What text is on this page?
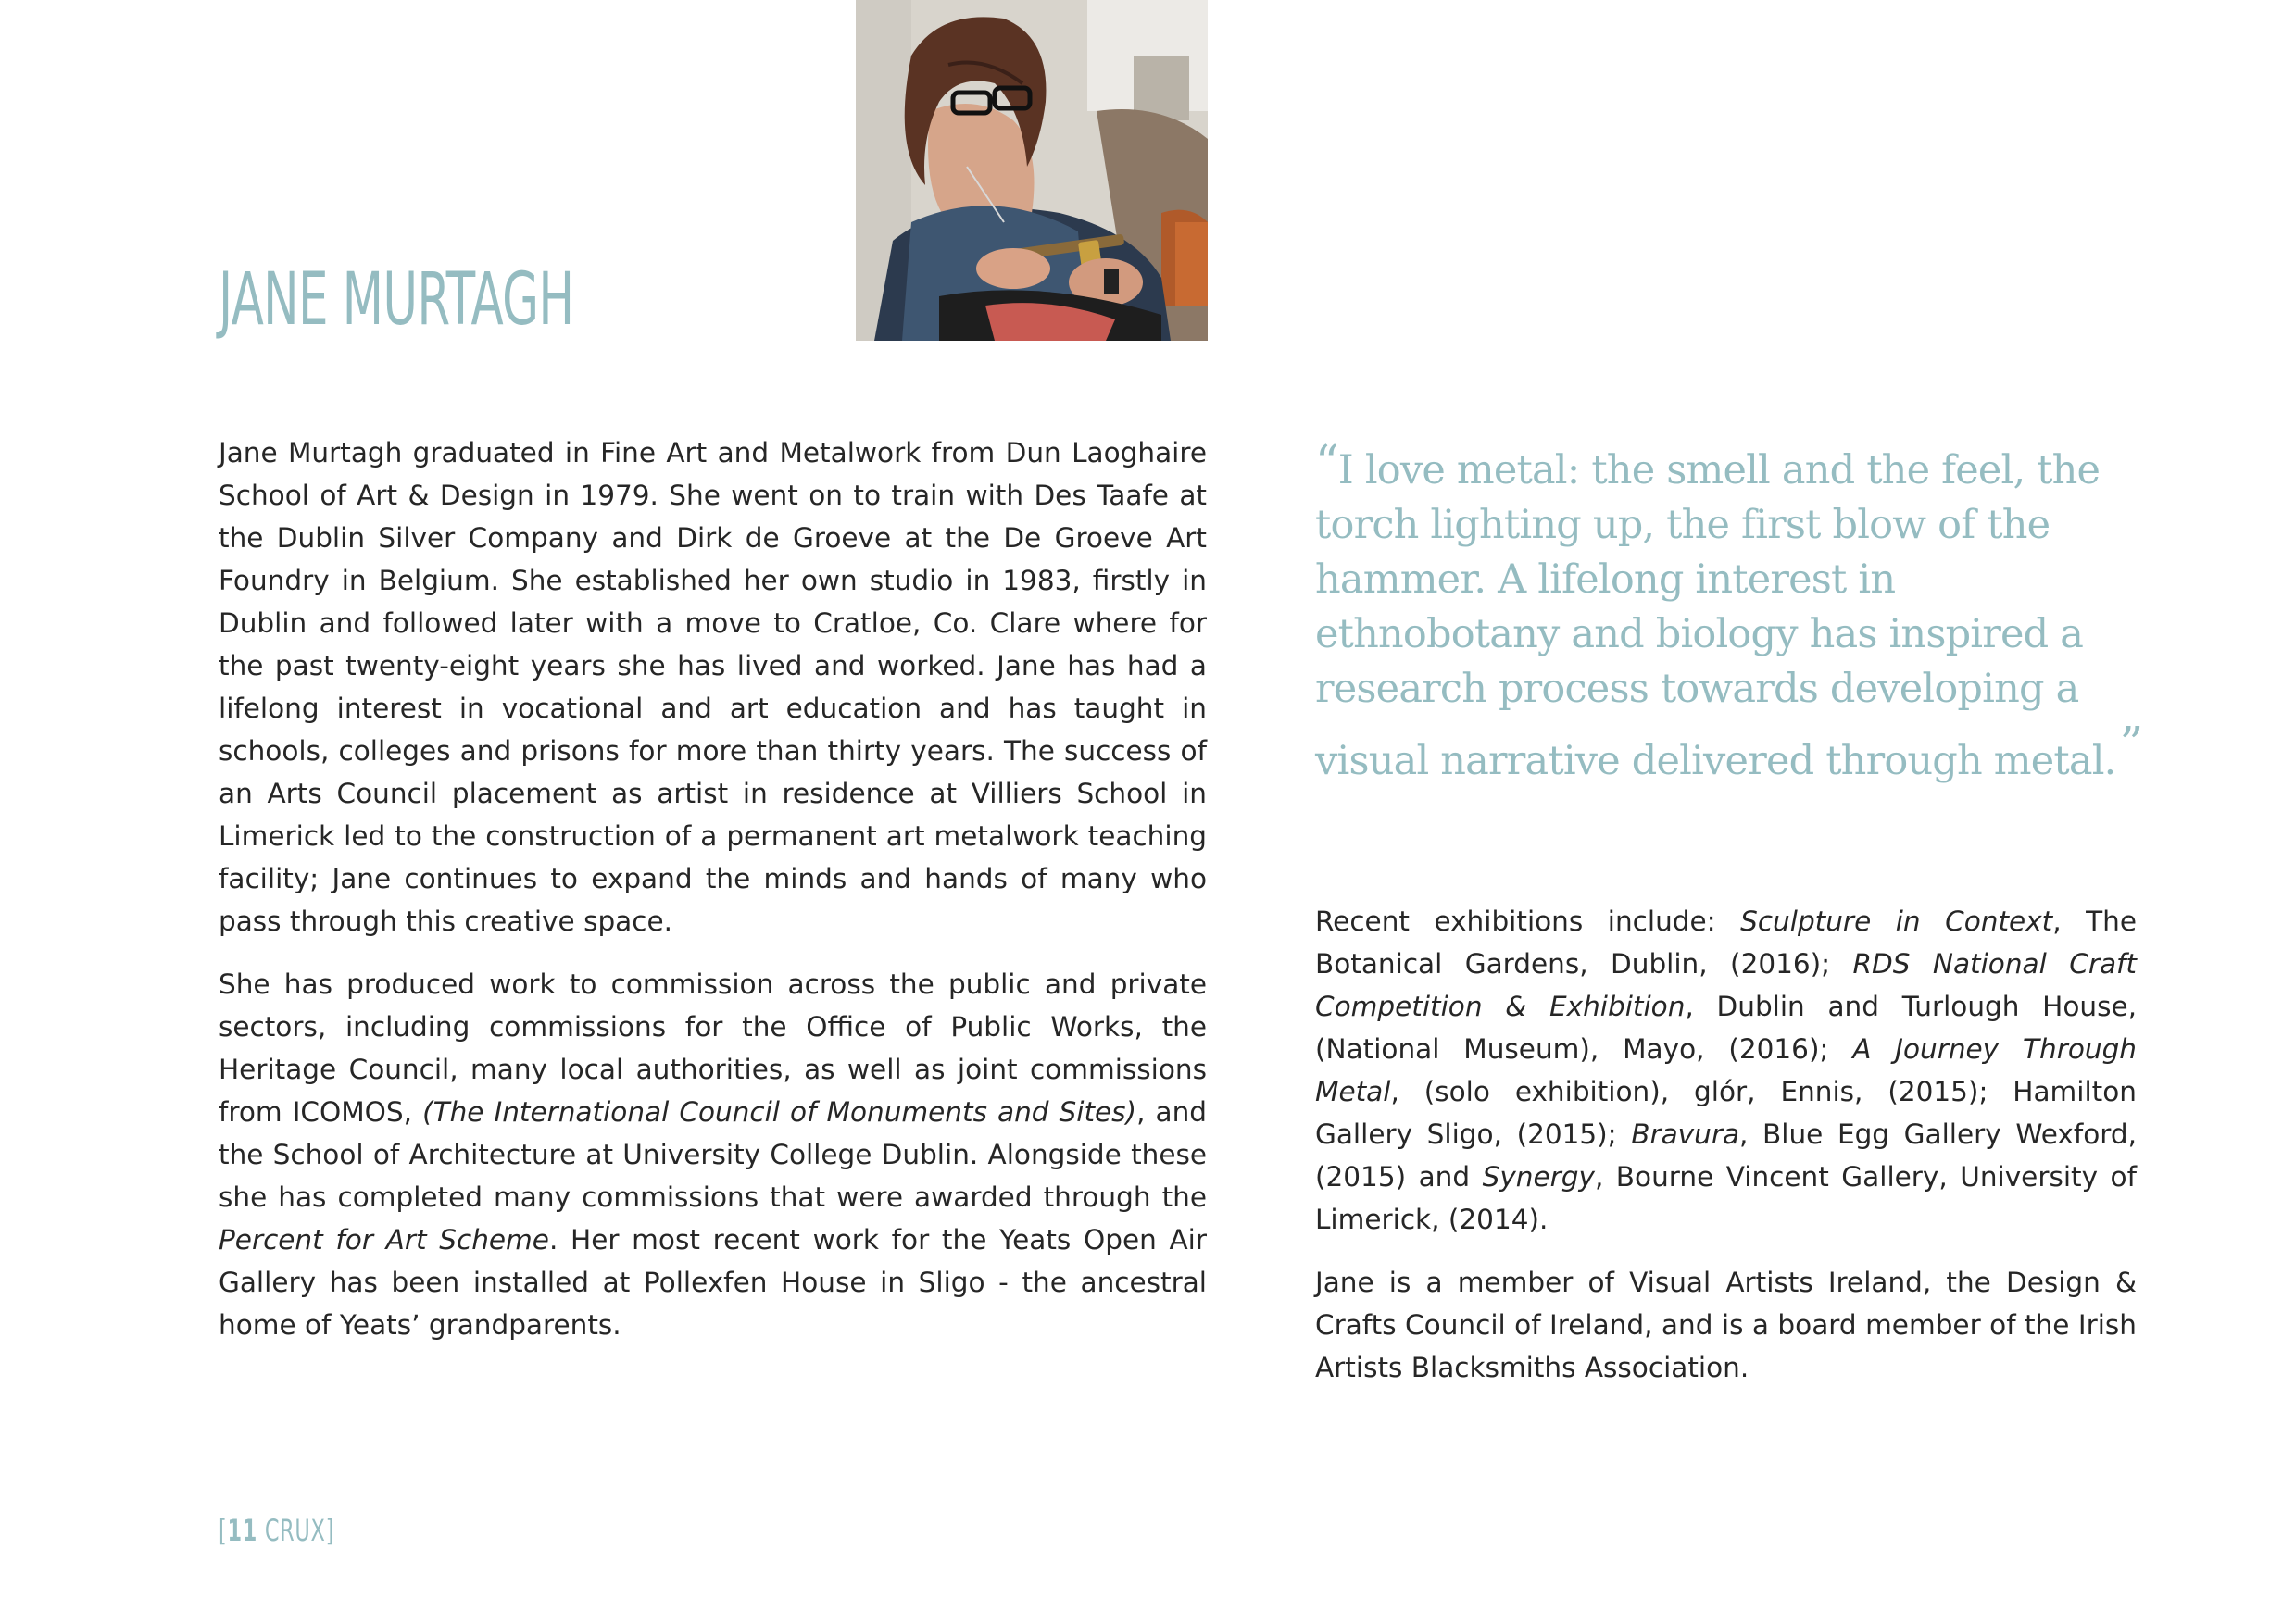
JANE MURTAGH

Jane Murtagh graduated in Fine Art and Metalwork from Dun Laoghaire School of Art & Design in 1979. She went on to train with Des Taafe at the Dublin Silver Company and Dirk de Groeve at the De Groeve Art Foundry in Belgium. She established her own studio in 1983, firstly in Dublin and followed later with a move to Cratloe, Co. Clare where for the past twenty-eight years she has lived and worked. Jane has had a lifelong interest in vocational and art education and has taught in schools, colleges and prisons for more than thirty years. The success of an Arts Council placement as artist in residence at Villiers School in Limerick led to the construction of a permanent art metalwork teaching facility; Jane continues to expand the minds and hands of many who pass through this creative space.

She has produced work to commission across the public and private sectors, including commissions for the Office of Public Works, the Heritage Council, many local authorities, as well as joint commissions from ICOMOS, (The International Council of Monuments and Sites), and the School of Architecture at University College Dublin. Alongside these she has completed many commissions that were awarded through the Percent for Art Scheme. Her most recent work for the Yeats Open Air Gallery has been installed at Pollexfen House in Sligo - the ancestral home of Yeats’ grandparents.

“I love metal: the smell and the feel, the torch lighting up, the first blow of the hammer. A lifelong interest in ethnobotany and biology has inspired a research process towards developing a visual narrative delivered through metal.”

Recent exhibitions include: Sculpture in Context, The Botanical Gardens, Dublin, (2016); RDS National Craft Competition & Exhibition, Dublin and Turlough House, (National Museum), Mayo, (2016); A Journey Through Metal, (solo exhibition), glór, Ennis, (2015); Hamilton Gallery Sligo, (2015); Bravura, Blue Egg Gallery Wexford, (2015) and Synergy, Bourne Vincent Gallery, University of Limerick, (2014).

Jane is a member of Visual Artists Ireland, the Design & Crafts Council of Ireland, and is a board member of the Irish Artists Blacksmiths Association.

[11 CRUX]
